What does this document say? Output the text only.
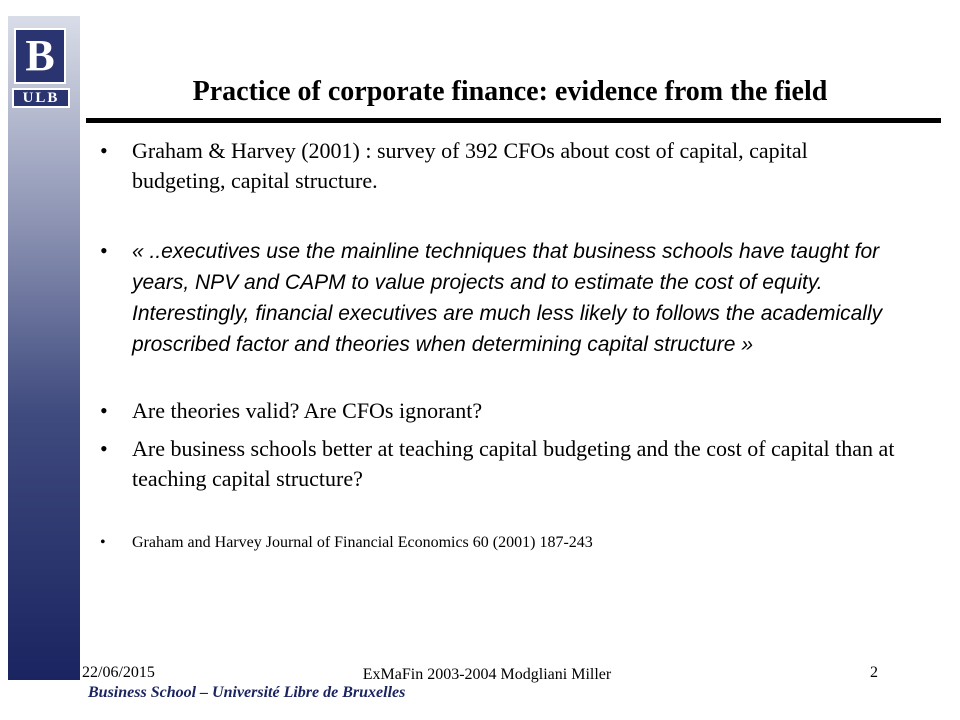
B
ULB	Practice of corporate finance: evidence from the field
• Graham & Harvey (2001) : survey of 392 CFOs about cost of capital, capital budgeting, capital structure.
• « ..executives use the mainline techniques that business schools have taught for years, NPV and CAPM to value projects and to estimate the cost of equity. Interestingly, financial executives are much less likely to follows the academically proscribed factor and theories when determining capital structure »
• Are theories valid? Are CFOs ignorant?
• Are business schools better at teaching capital budgeting and the cost of capital than at teaching capital structure?
• Graham and Harvey Journal of Financial Economics 60 (2001) 187-243
22/06/2015	ExMaFin 2003-2004 Modgliani Miller	2
Solvay Business School – Université Libre de Bruxelles
